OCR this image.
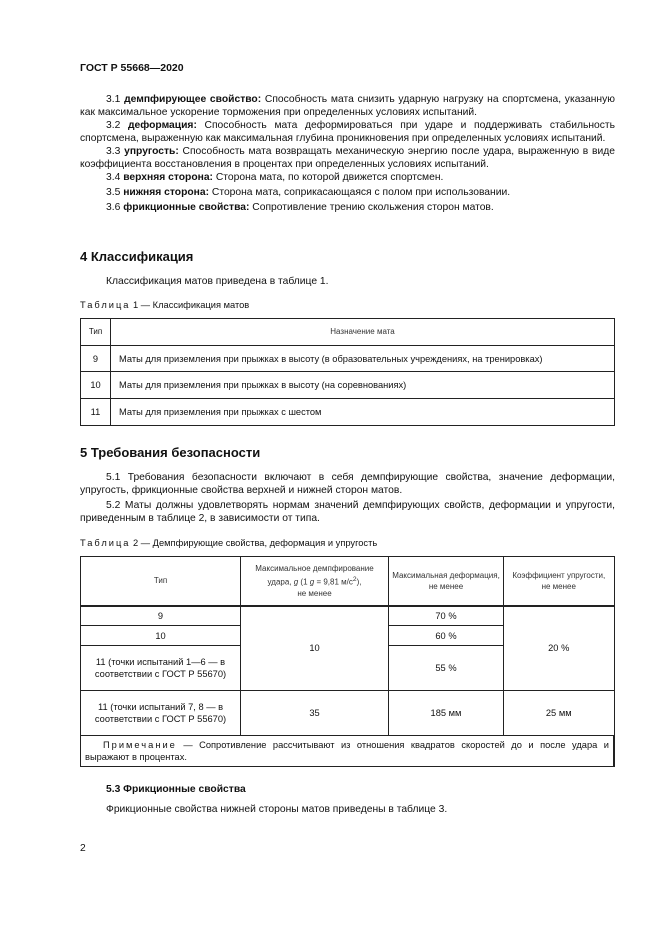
ГОСТ Р 55668—2020

3.1 демпфирующее свойство: Способность мата снизить ударную нагрузку на спортсмена, указанную как максимальное ускорение торможения при определенных условиях испытаний.

3.2 деформация: Способность мата деформироваться при ударе и поддерживать стабильность спортсмена, выраженную как максимальная глубина проникновения при определенных условиях испытаний.

3.3 упругость: Способность мата возвращать механическую энергию после удара, выраженную в виде коэффициента восстановления в процентах при определенных условиях испытаний.

3.4 верхняя сторона: Сторона мата, по которой движется спортсмен.

3.5 нижняя сторона: Сторона мата, соприкасающаяся с полом при использовании.

3.6 фрикционные свойства: Сопротивление трению скольжения сторон матов.

4 Классификация

Классификация матов приведена в таблице 1.

Таблица 1 — Классификация матов
Тип	Назначение мата
9	Маты для приземления при прыжках в высоту (в образовательных учреждениях, на тренировках)
10	Маты для приземления при прыжках в высоту (на соревнованиях)
11	Маты для приземления при прыжках с шестом
5 Требования безопасности

5.1 Требования безопасности включают в себя демпфирующие свойства, значение деформации, упругость, фрикционные свойства верхней и нижней сторон матов.

5.2 Маты должны удовлетворять нормам значений демпфирующих свойств, деформации и упругости, приведенным в таблице 2, в зависимости от типа.

Таблица 2 — Демпфирующие свойства, деформация и упругость
Тип	Максимальное демпфирование
удара, g (1 g = 9,81 $м/с^2$),
не менее	Максимальная деформация, не менее	Коэффициент упругости, не менее
9	10	70 %	20 %
10		60 %	
11 (точки испытаний 1—6 — в соответствии с ГОСТ Р 55670)		55 %	
11 (точки испытаний 7, 8 — в соответствии с ГОСТ Р 55670)	35	185 мм	25 мм
Примечание — Сопротивление рассчитывают из отношения квадратов скоростей до и после удара и выражают в процентах.			
5.3 Фрикционные свойства

Фрикционные свойства нижней стороны матов приведены в таблице 3.

2
